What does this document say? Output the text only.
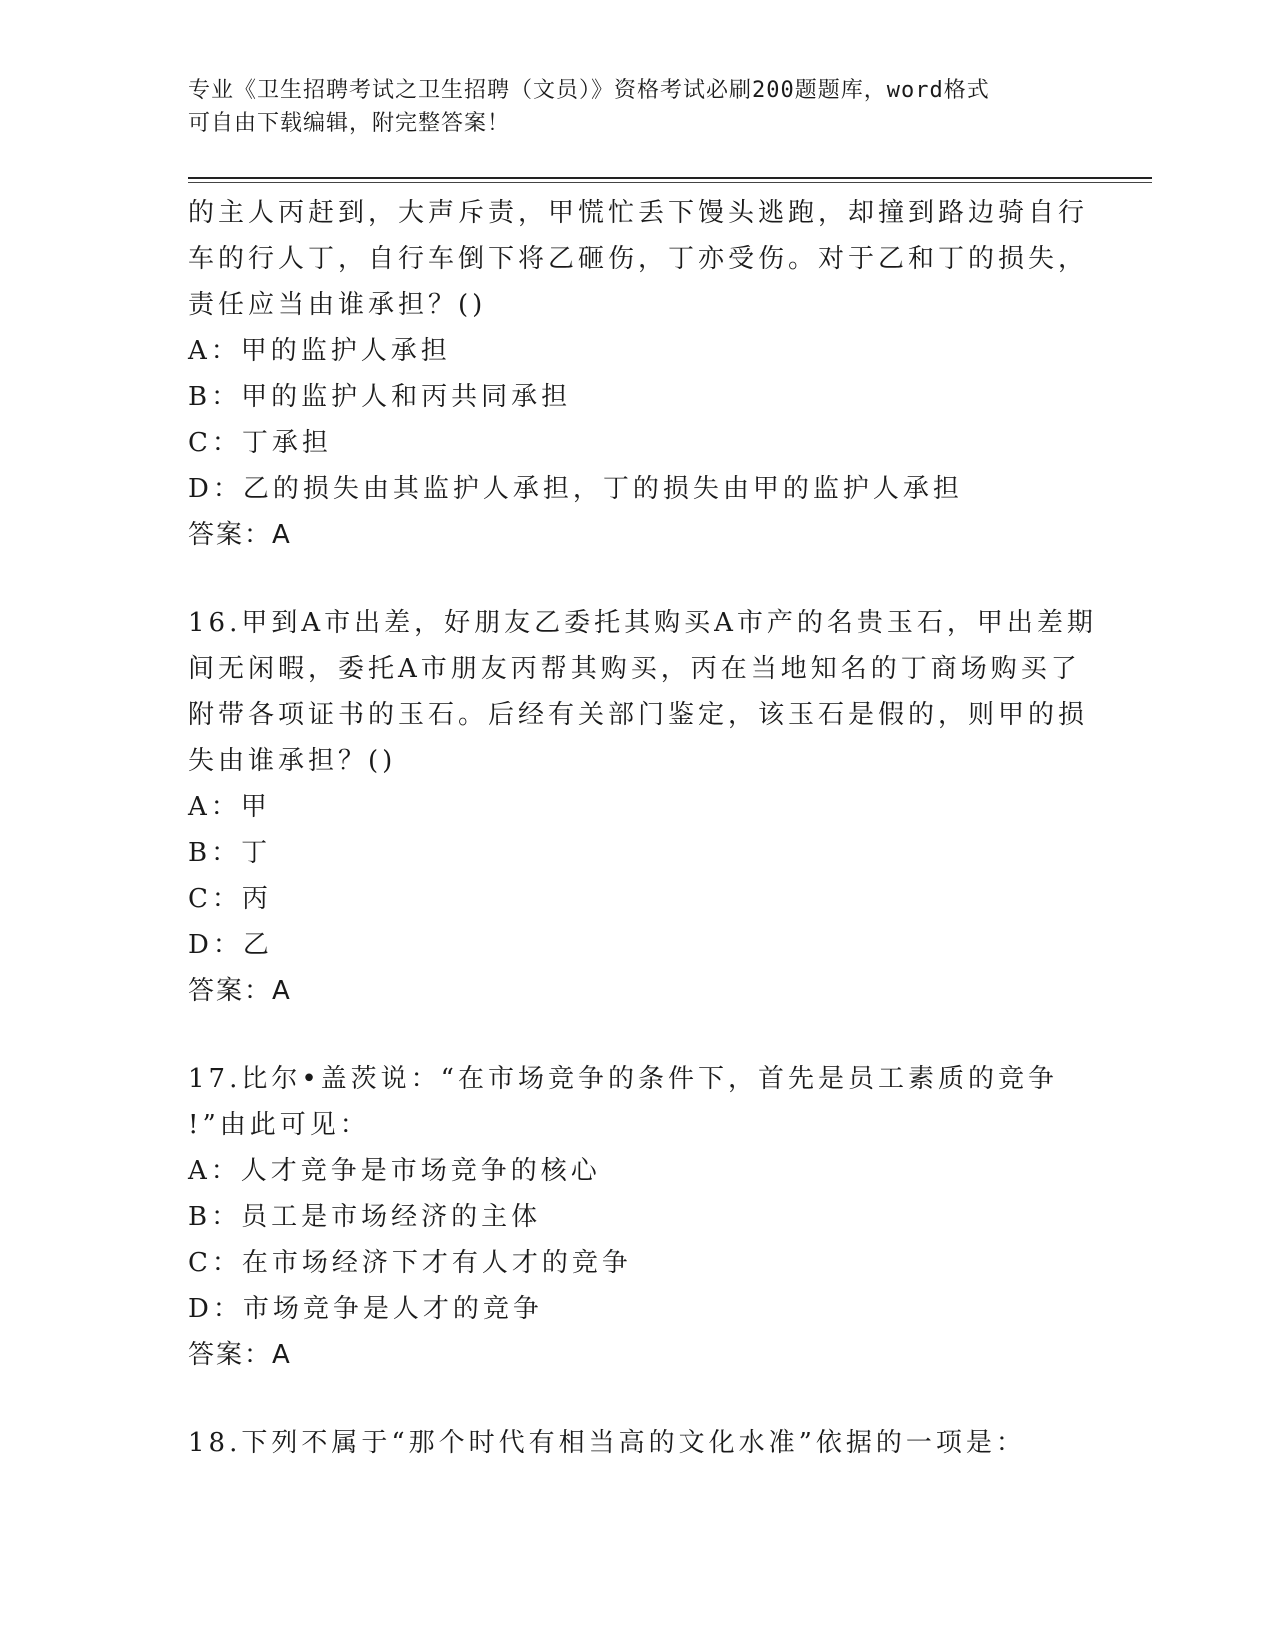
专业《卫生招聘考试之卫生招聘（文员）》资格考试必刷200题题库，word格式
可自由下载编辑，附完整答案！
的主人丙赶到，大声斥责，甲慌忙丢下馒头逃跑，却撞到路边骑自行
车的行人丁，自行车倒下将乙砸伤，丁亦受伤。对于乙和丁的损失，
责任应当由谁承担？()
A：甲的监护人承担
B：甲的监护人和丙共同承担
C：丁承担
D：乙的损失由其监护人承担，丁的损失由甲的监护人承担
答案：A
16.甲到A市出差，好朋友乙委托其购买A市产的名贵玉石，甲出差期
间无闲暇，委托A市朋友丙帮其购买，丙在当地知名的丁商场购买了
附带各项证书的玉石。后经有关部门鉴定，该玉石是假的，则甲的损
失由谁承担？()
A：甲
B：丁
C：丙
D：乙
答案：A
17.比尔•盖茨说：“在市场竞争的条件下，首先是员工素质的竞争
!”由此可见：
A：人才竞争是市场竞争的核心
B：员工是市场经济的主体
C：在市场经济下才有人才的竞争
D：市场竞争是人才的竞争
答案：A
18.下列不属于“那个时代有相当高的文化水准”依据的一项是：
